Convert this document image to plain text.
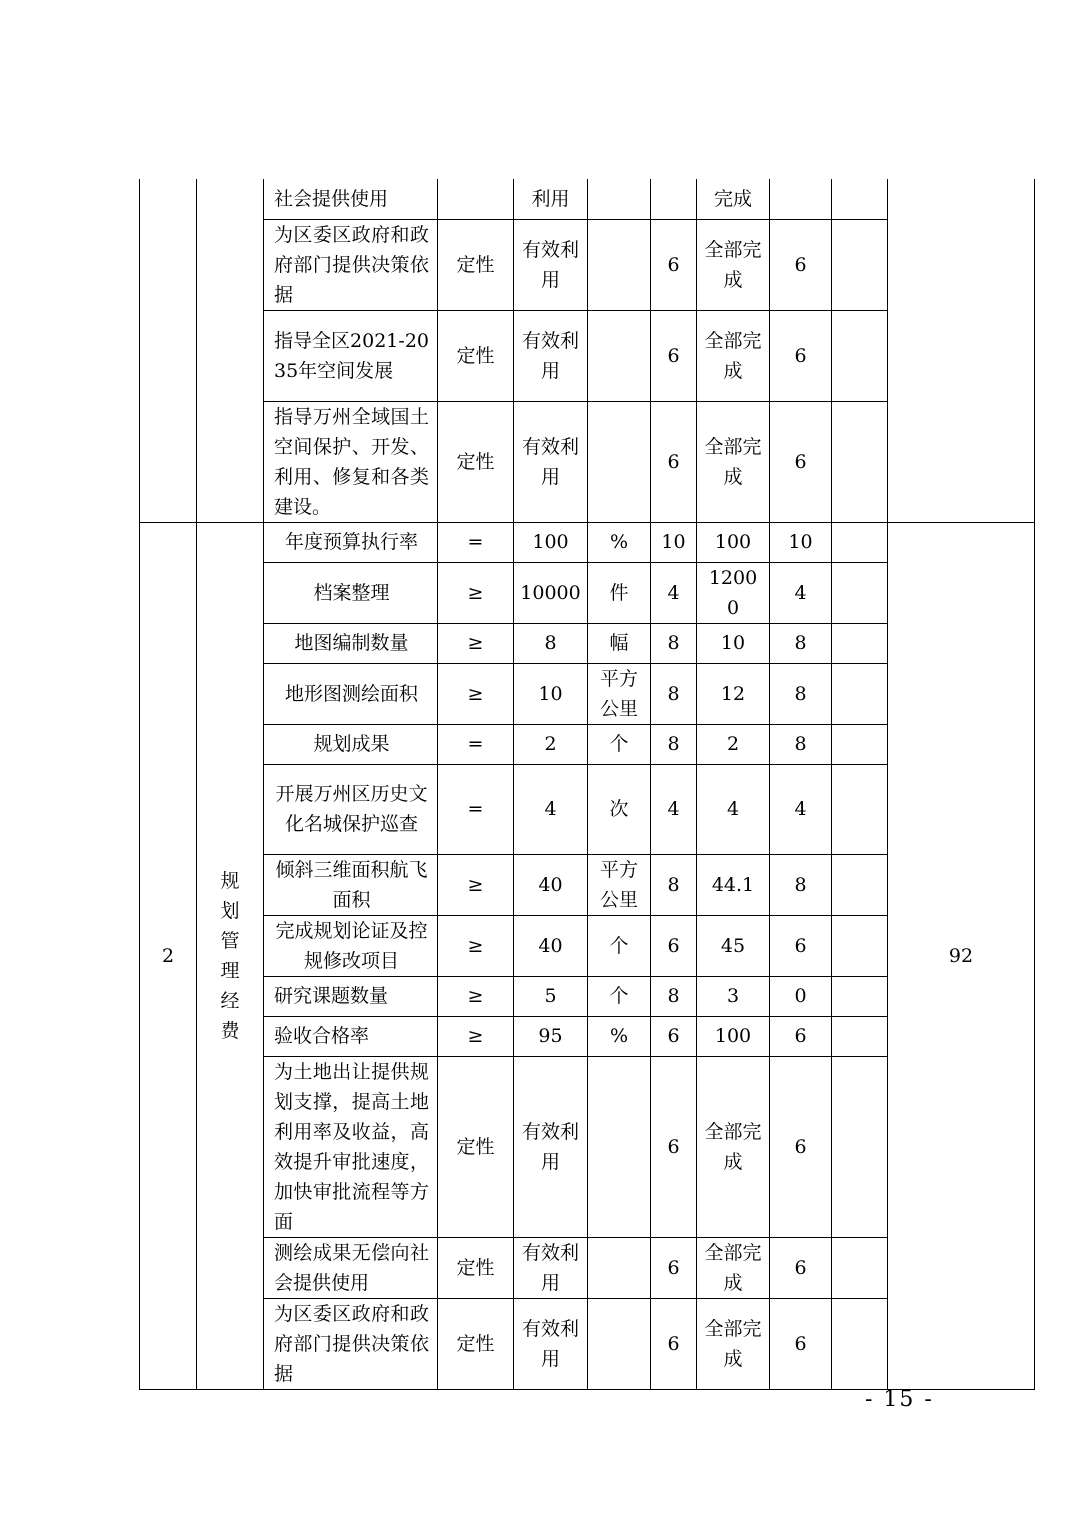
		社会提供使用		利用			完成			
		为区委区政府和政府部门提供决策依据	定性	有效利用		6	全部完成	6		
		指导全区2021-2035年空间发展	定性	有效利用		6	全部完成	6		
		指导万州全域国土空间保护、开发、利用、修复和各类建设。	定性	有效利用		6	全部完成	6		
2	规划管理经费	年度预算执行率	=	100	%	10	100	10		92
		档案整理	≥	10000	件	4	12000	4		
		地图编制数量	≥	8	幅	8	10	8		
		地形图测绘面积	≥	10	平方公里	8	12	8		
		规划成果	=	2	个	8	2	8		
		开展万州区历史文化名城保护巡查	=	4	次	4	4	4		
		倾斜三维面积航飞面积	≥	40	平方公里	8	44.1	8		
		完成规划论证及控规修改项目	≥	40	个	6	45	6		
		研究课题数量	≥	5	个	8	3	0		
		验收合格率	≥	95	%	6	100	6		
		为土地出让提供规划支撑，提高土地利用率及收益，高效提升审批速度，加快审批流程等方面	定性	有效利用		6	全部完成	6		
		测绘成果无偿向社会提供使用	定性	有效利用		6	全部完成	6		
		为区委区政府和政府部门提供决策依据	定性	有效利用		6	全部完成	6		
- 15 -
